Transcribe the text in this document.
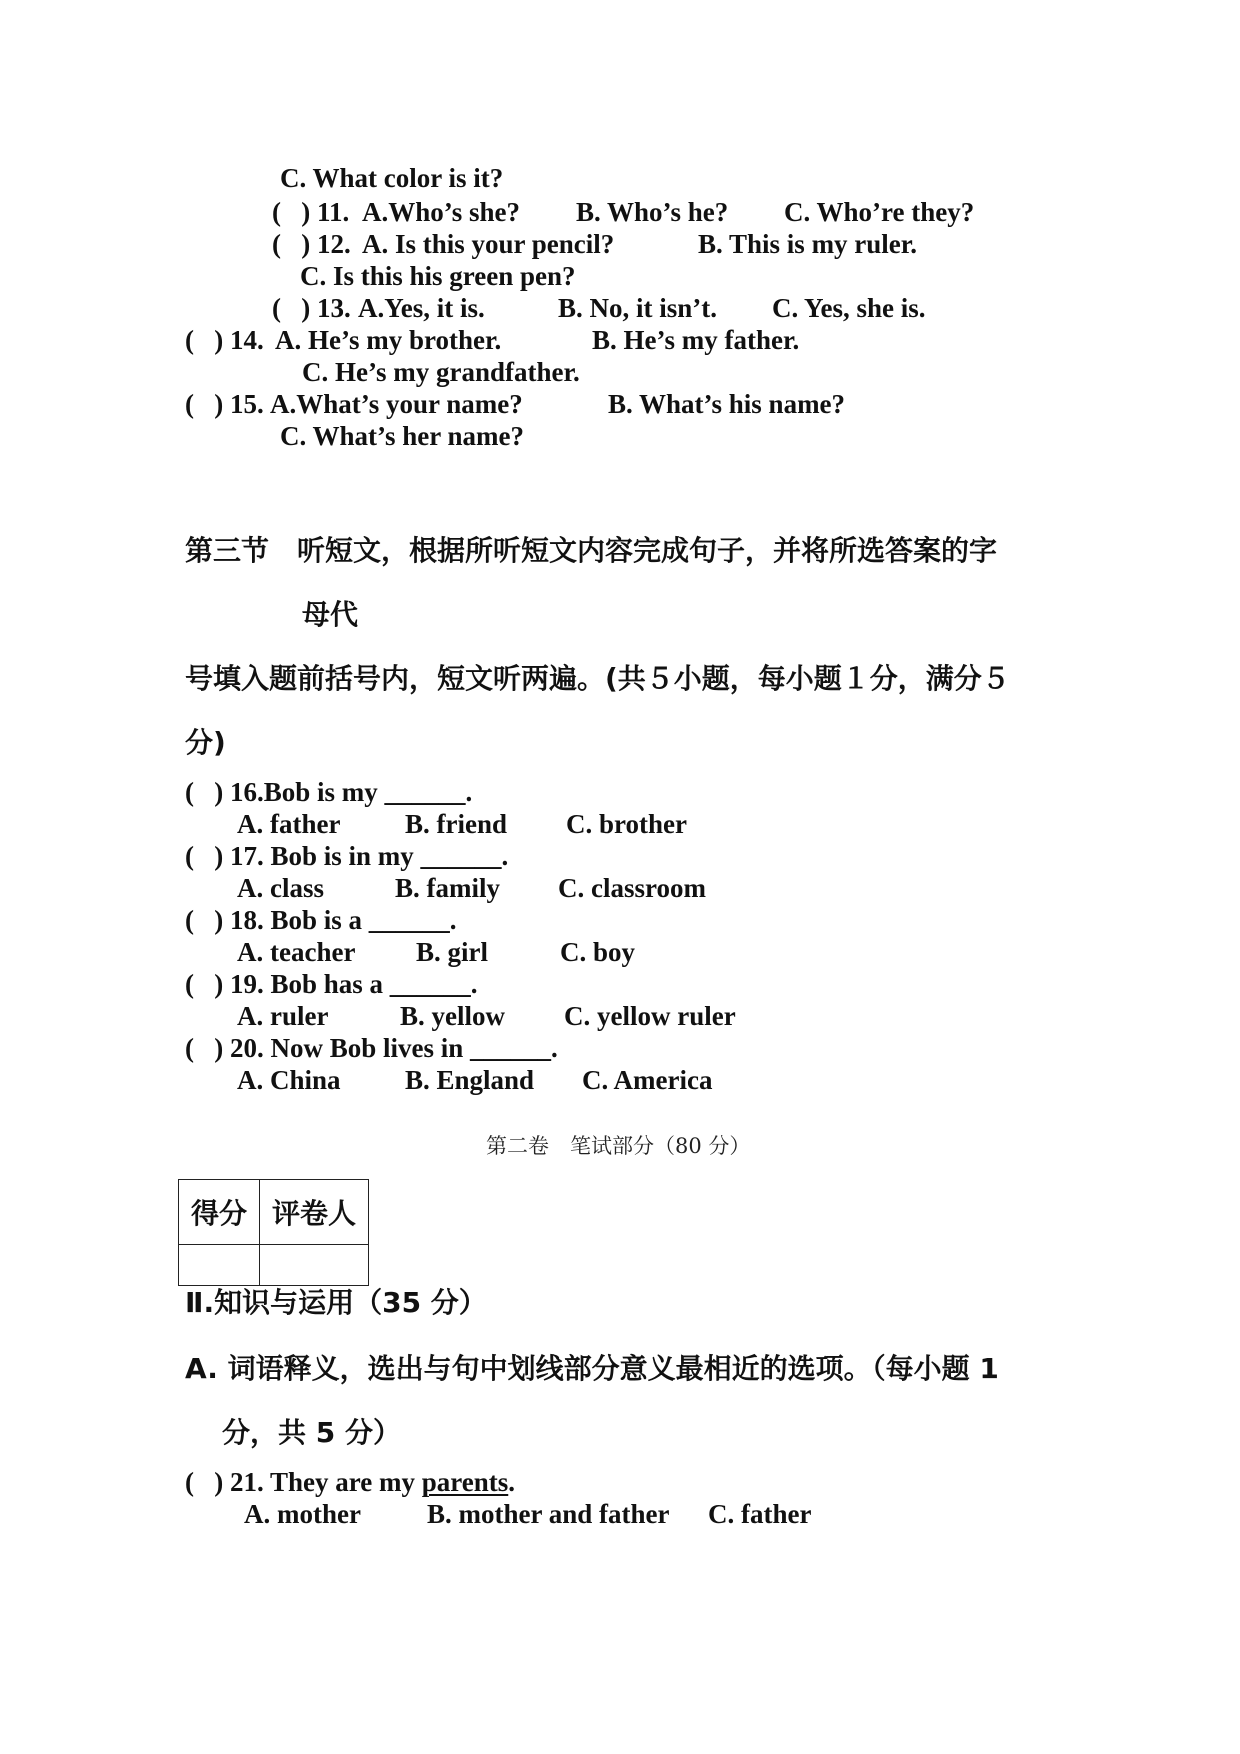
C. What color is it?
(   ) 11. A.Who’s she? B. Who’s he? C. Who’re they?
(   ) 12. A. Is this your pencil?	B. This is my ruler.
C. Is this his green pen?
(   ) 13. A.Yes, it is.	B. No, it isn’t. C. Yes, she is.
(   ) 14. A. He’s my brother.	B. He’s my father.
C. He’s my grandfather.
(   ) 15. A.What’s your name?	B. What’s his name?
C. What’s her name?
第三节　听短文，根据所听短文内容完成句子，并将所选答案的字
母代
号填入题前括号内，短文听两遍。(共５小题，每小题１分，满分５
分)
(   ) 16.Bob is my ______.
A. father B. friend C. brother
(   ) 17. Bob is in my ______.
A. class	B. family C. classroom
(   ) 18. Bob is a ______.
A. teacher B. girl	C. boy
(   ) 19. Bob has a ______.
A. ruler	B. yellow C. yellow ruler
(   ) 20. Now Bob lives in ______.
A. China B. England C. America
第二卷　笔试部分（80 分）
得分	评卷人

Ⅱ.知识与运用（35 分）
A. 词语释义，选出与句中划线部分意义最相近的选项。（每小题 1
分，共 5 分）
(   ) 21. They are my parents.
A. mother B. mother and father C. father
